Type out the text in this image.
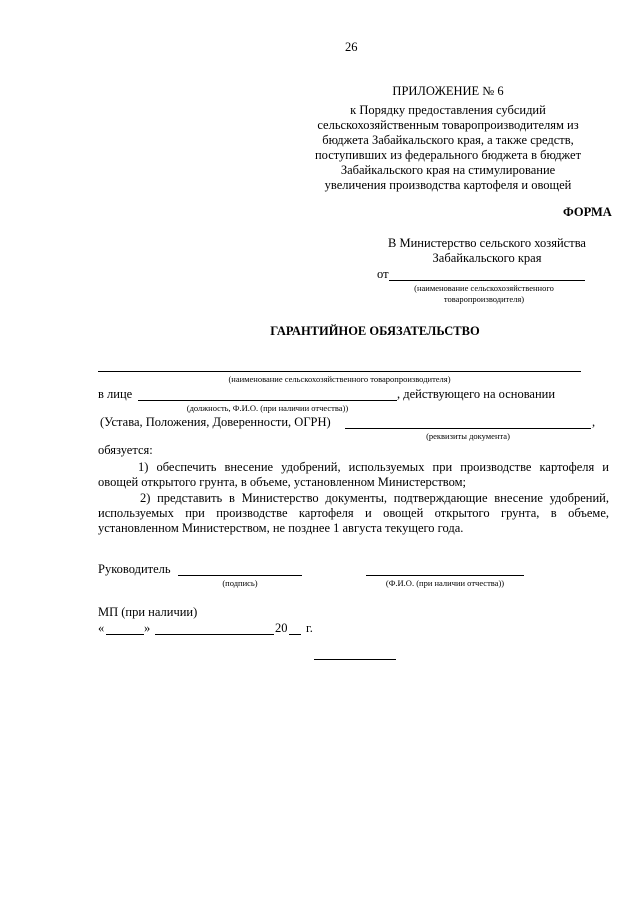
26
ПРИЛОЖЕНИЕ № 6
к Порядку предоставления субсидий
сельскохозяйственным товаропроизводителям из
бюджета Забайкальского края, а также средств,
поступивших из федерального бюджета в бюджет
Забайкальского края на стимулирование
увеличения производства картофеля и овощей
ФОРМА
В Министерство сельского хозяйства
Забайкальского края
от
(наименование сельскохозяйственного
товаропроизводителя)
ГАРАНТИЙНОЕ ОБЯЗАТЕЛЬСТВО
(наименование сельскохозяйственного товаропроизводителя)
в лице	, действующего на основании
(должность, Ф.И.О. (при наличии отчества))
(Устава, Положения, Доверенности, ОГРН)	,
(реквизиты документа)
обязуется:
1) обеспечить внесение удобрений, используемых при производстве картофеля и
овощей открытого грунта, в объеме, установленном Министерством;
2) представить в Министерство документы, подтверждающие внесение удобрений,
используемых при производстве картофеля и овощей открытого грунта, в объеме,
установленном Министерством, не позднее 1 августа текущего года.
Руководитель
(подпись)	(Ф.И.О. (при наличии отчества))
МП (при наличии)
«	»	20 г.
